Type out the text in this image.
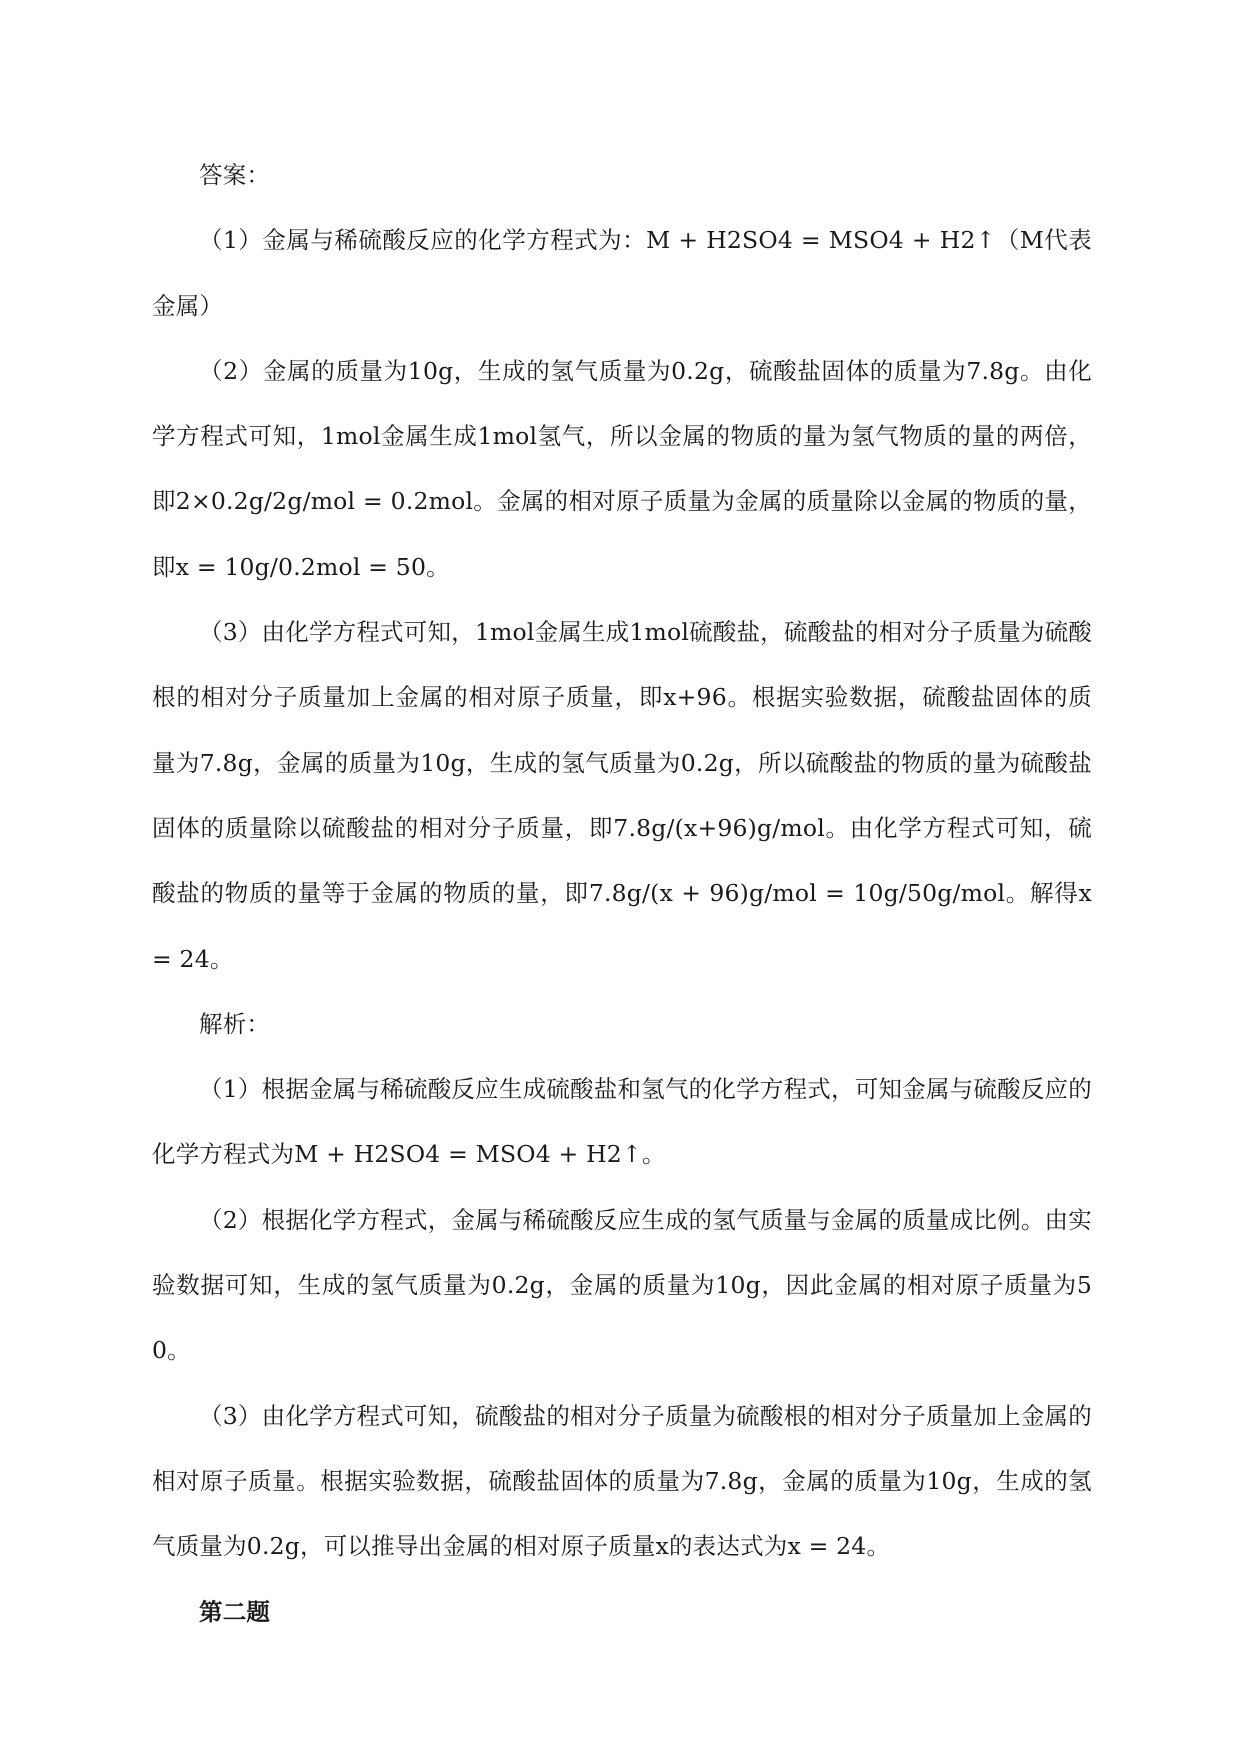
答案：

（1）金属与稀硫酸反应的化学方程式为：M + H2SO4 = MSO4 + H2↑（M代表金属）

（2）金属的质量为10g，生成的氢气质量为0.2g，硫酸盐固体的质量为7.8g。由化学方程式可知，1mol金属生成1mol氢气，所以金属的物质的量为氢气物质的量的两倍，即2×0.2g/2g/mol = 0.2mol。金属的相对原子质量为金属的质量除以金属的物质的量，即x = 10g/0.2mol = 50。

（3）由化学方程式可知，1mol金属生成1mol硫酸盐，硫酸盐的相对分子质量为硫酸根的相对分子质量加上金属的相对原子质量，即x+96。根据实验数据，硫酸盐固体的质量为7.8g，金属的质量为10g，生成的氢气质量为0.2g，所以硫酸盐的物质的量为硫酸盐固体的质量除以硫酸盐的相对分子质量，即7.8g/(x+96)g/mol。由化学方程式可知，硫酸盐的物质的量等于金属的物质的量，即7.8g/(x + 96)g/mol = 10g/50g/mol。解得x = 24。

解析：

（1）根据金属与稀硫酸反应生成硫酸盐和氢气的化学方程式，可知金属与硫酸反应的化学方程式为M + H2SO4 = MSO4 + H2↑。

（2）根据化学方程式，金属与稀硫酸反应生成的氢气质量与金属的质量成比例。由实验数据可知，生成的氢气质量为0.2g，金属的质量为10g，因此金属的相对原子质量为50。

（3）由化学方程式可知，硫酸盐的相对分子质量为硫酸根的相对分子质量加上金属的相对原子质量。根据实验数据，硫酸盐固体的质量为7.8g，金属的质量为10g，生成的氢气质量为0.2g，可以推导出金属的相对原子质量x的表达式为x = 24。

第二题
